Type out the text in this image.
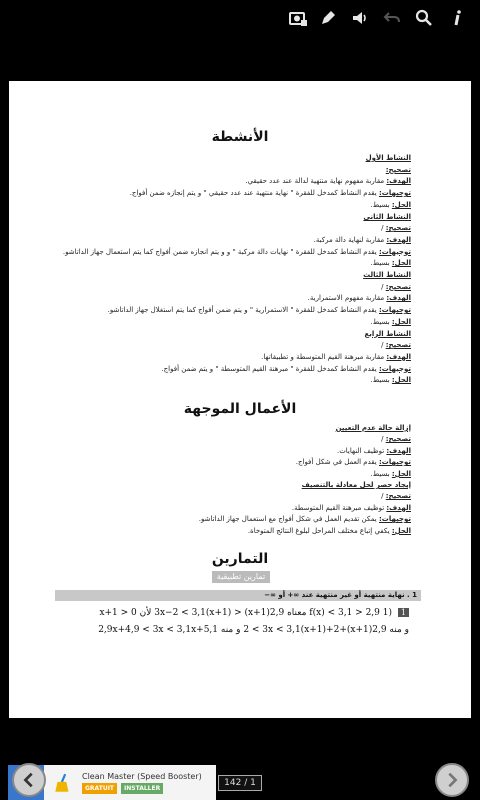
الأنشطة
النشاط الأول
تصحيح:
الهدف: مقاربة مفهوم نهاية منتهية لدالة عند عدد حقيقي.
توجيهات: يقدم النشاط كمدخل للفقرة " نهاية منتهية عند عدد حقيقي " و يتم إنجازه ضمن أفواج.
الحل: بسيط.
النشاط الثاني
تصحيح: /
الهدف: مقاربة لنهاية دالة مركبة.
توجيهات: يقدم النشاط كمدخل للفقرة " نهايات دالة مركبة " و و يتم انجازه ضمن أفواج كما يتم استعمال جهاز الداتاشو.
الحل: بسيط.
النشاط الثالث
تصحيح: /
الهدف: مقاربة مفهوم الاستمرارية.
توجيهات: يقدم النشاط كمدخل للفقرة " الاستمرارية " و يتم ضمن أفواج كما يتم استغلال جهاز الداتاشو.
الحل: بسيط.
النشاط الرابع
تصحيح: /
الهدف: مقاربة مبرهنة القيم المتوسطة و تطبيقاتها.
توجيهات: يقدم النشاط كمدخل للفقرة " مبرهنة القيم المتوسطة " و يتم ضمن أفواج.
الحل: بسيط.
الأعمال الموجهة
إزالة حالة عدم التعيين
تصحيح: /
الهدف: توظيف النهايات.
توجيهات: يقدم العمل في شكل أفواج.
الحل: بسيط.
إيجاد حصر لحل معادلة بالتنصيف
تصحيح: /
الهدف: توظيف مبرهنة القيم المتوسطة.
توجيهات: يمكن تقديم العمل في شكل أفواج مع استعمال جهاز الداتاشو.
الحل: يكفي إتباع مختلف المراحل لبلوغ النتائج المتوخاة.
التمارين
تمارين تطبيقية
1 . نهاية منتهية أو غير منتهية عند ∞+ أو ∞−
1 (1 2,9 < f(x) < 3,1 معناه 2,9(x+1) < 3x−2 < 3,1(x+1) لأن x+1 > 0
و منه 2,9(x+1)+2 < 3x < 3,1(x+1)+2 و منه 2,9x+4,9 < 3x < 3,1x+5,1
Clean Master (Speed Booster)
GRATUIT	INSTALLER	142 / 1
